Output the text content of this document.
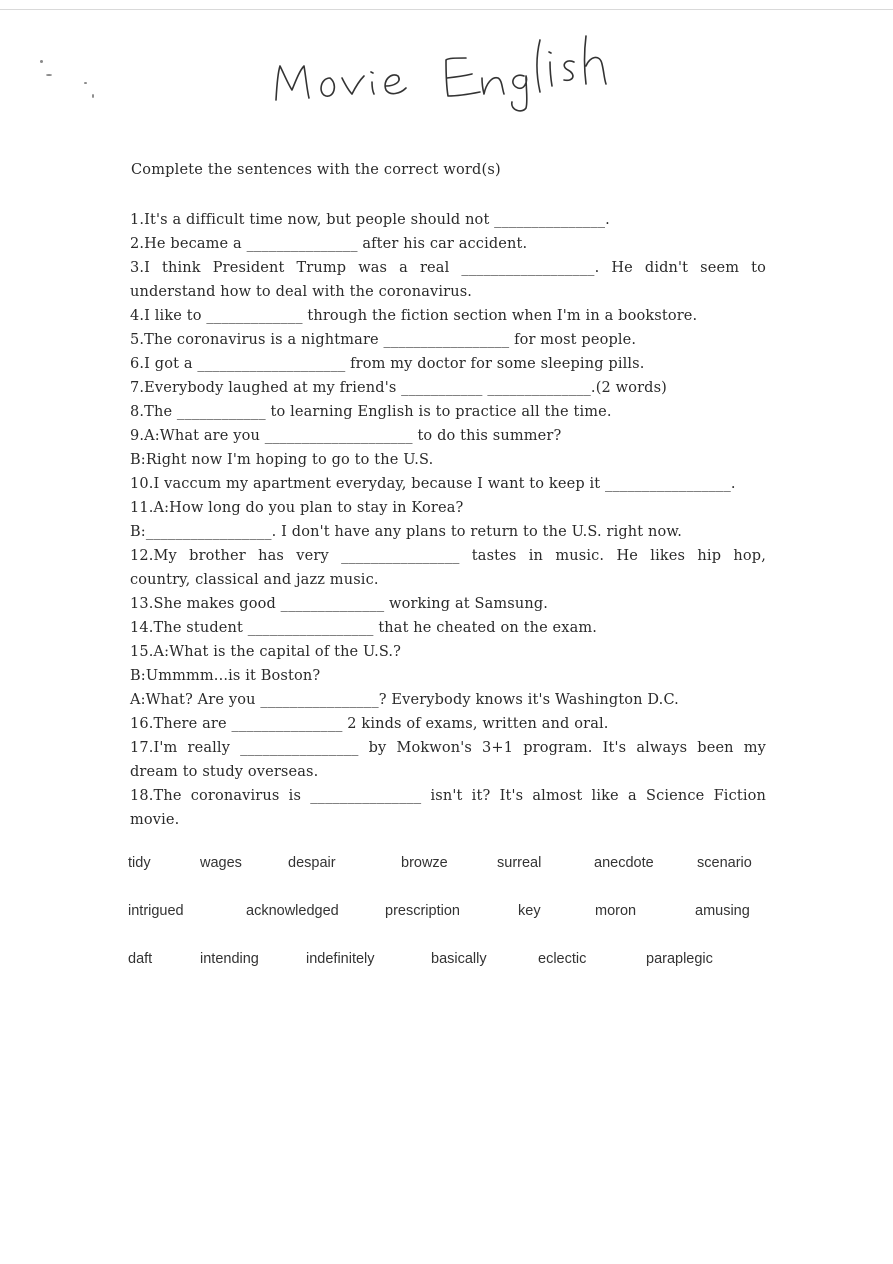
Complete the sentences with the correct word(s)
1.It's a difficult time now, but people should not _______________.
2.He became a _______________ after his car accident.
3.I think President Trump was a real __________________. He didn't seem to
understand how to deal with the coronavirus.
4.I like to _____________ through the fiction section when I'm in a bookstore.
5.The coronavirus is a nightmare _________________ for most people.
6.I got a ____________________ from my doctor for some sleeping pills.
7.Everybody laughed at my friend's ___________ ______________.(2 words)
8.The ____________ to learning English is to practice all the time.
9.A:What are you ____________________ to do this summer?
B:Right now I'm hoping to go to the U.S.
10.I vaccum my apartment everyday, because I want to keep it _________________.
11.A:How long do you plan to stay in Korea?
B:_________________. I don't have any plans to return to the U.S. right now.
12.My brother has very ________________ tastes in music. He likes hip hop,
country, classical and jazz music.
13.She makes good ______________ working at Samsung.
14.The student _________________ that he cheated on the exam.
15.A:What is the capital of the U.S.?
B:Ummmm...is it Boston?
A:What? Are you ________________? Everybody knows it's Washington D.C.
16.There are _______________ 2 kinds of exams, written and oral.
17.I'm really ________________ by Mokwon's 3+1 program. It's always been my
dream to study overseas.
18.The coronavirus is _______________ isn't it? It's almost like a Science Fiction
movie.
tidy	wages	despair	browze	surreal	anecdote	scenario
intrigued	acknowledged	prescription	key	moron	amusing
daft	intending	indefinitely	basically	eclectic	paraplegic
